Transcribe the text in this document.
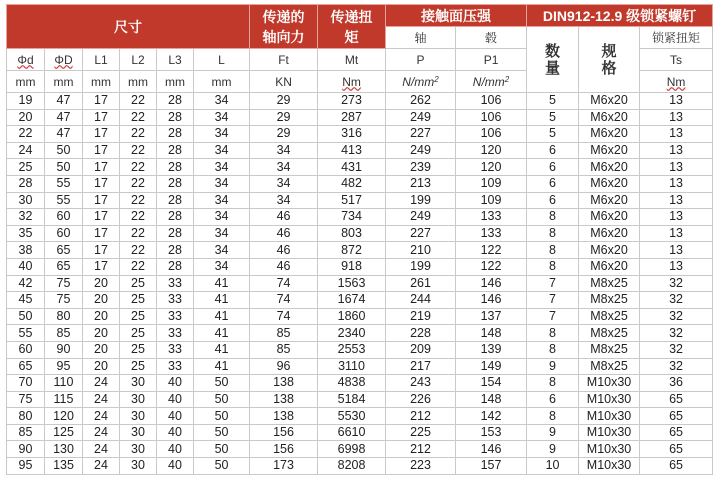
尺寸						传递的轴向力	传递扭矩	接触面压强		DIN912-12.9 级锁紧螺钉		
								轴	毂	数量	规格	锁紧扭矩
Φd	ΦD	L1	L2	L3	L	Ft	Mt	P	P1			Ts
mm	mm	mm	mm	mm	mm	KN	Nm	$N/mm^2$	$N/mm^2$			Nm
19	47	17	22	28	34	29	273	262	106	5	M6x20	13
20	47	17	22	28	34	29	287	249	106	5	M6x20	13
22	47	17	22	28	34	29	316	227	106	5	M6x20	13
24	50	17	22	28	34	34	413	249	120	6	M6x20	13
25	50	17	22	28	34	34	431	239	120	6	M6x20	13
28	55	17	22	28	34	34	482	213	109	6	M6x20	13
30	55	17	22	28	34	34	517	199	109	6	M6x20	13
32	60	17	22	28	34	46	734	249	133	8	M6x20	13
35	60	17	22	28	34	46	803	227	133	8	M6x20	13
38	65	17	22	28	34	46	872	210	122	8	M6x20	13
40	65	17	22	28	34	46	918	199	122	8	M6x20	13
42	75	20	25	33	41	74	1563	261	146	7	M8x25	32
45	75	20	25	33	41	74	1674	244	146	7	M8x25	32
50	80	20	25	33	41	74	1860	219	137	7	M8x25	32
55	85	20	25	33	41	85	2340	228	148	8	M8x25	32
60	90	20	25	33	41	85	2553	209	139	8	M8x25	32
65	95	20	25	33	41	96	3110	217	149	9	M8x25	32
70	110	24	30	40	50	138	4838	243	154	8	M10x30	36
75	115	24	30	40	50	138	5184	226	148	6	M10x30	65
80	120	24	30	40	50	138	5530	212	142	8	M10x30	65
85	125	24	30	40	50	156	6610	225	153	9	M10x30	65
90	130	24	30	40	50	156	6998	212	146	9	M10x30	65
95	135	24	30	40	50	173	8208	223	157	10	M10x30	65
